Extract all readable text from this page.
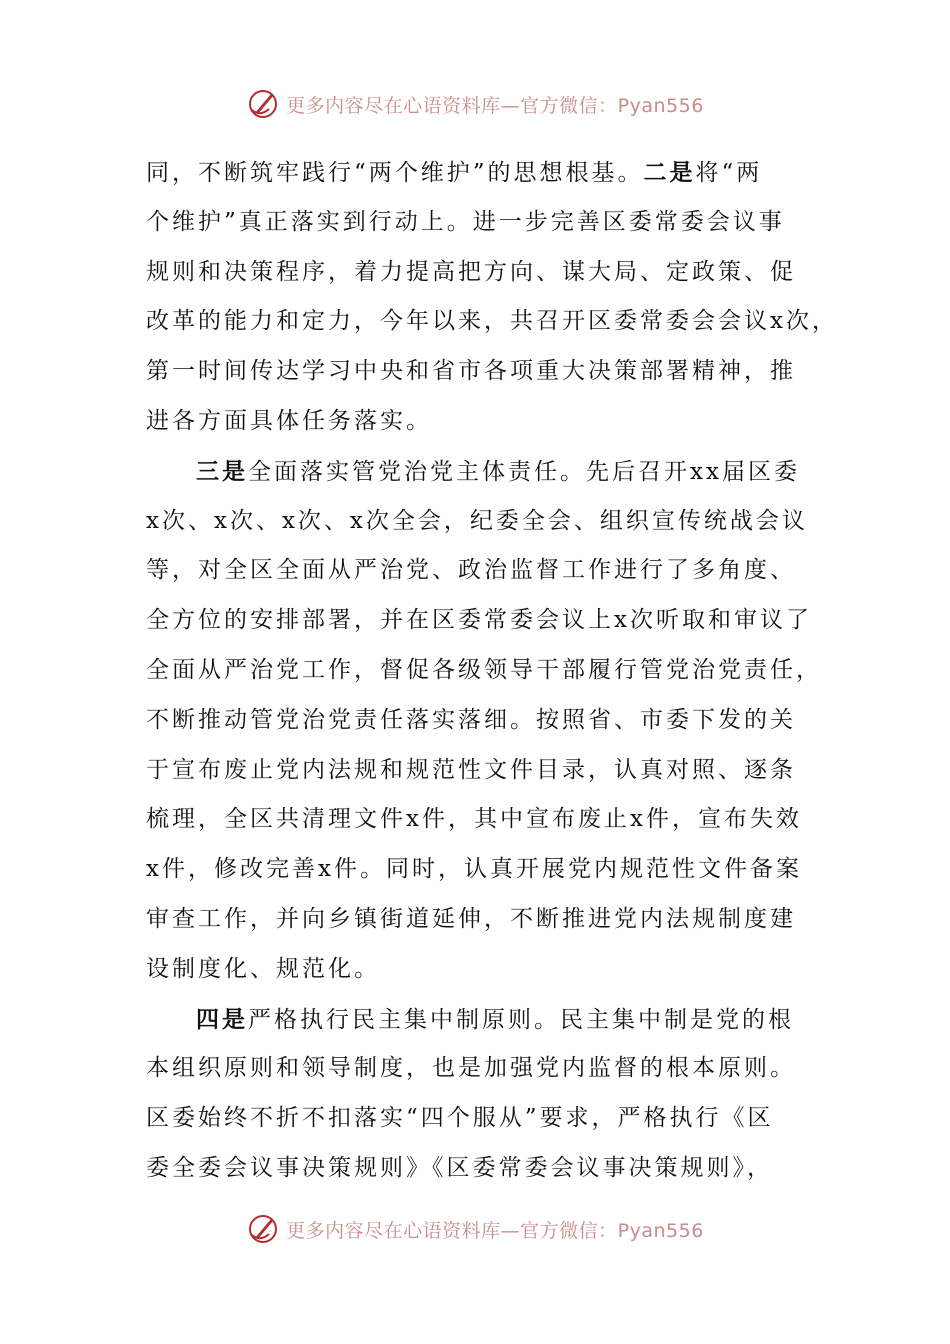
更多内容尽在心语资料库—官方微信：Pyan556
同，不断筑牢践行“两个维护”的思想根基。二是将“两
个维护”真正落实到行动上。进一步完善区委常委会议事
规则和决策程序，着力提高把方向、谋大局、定政策、促
改革的能力和定力，今年以来，共召开区委常委会会议x次，
第一时间传达学习中央和省市各项重大决策部署精神，推
进各方面具体任务落实。
三是全面落实管党治党主体责任。先后召开xx届区委
x次、x次、x次、x次全会，纪委全会、组织宣传统战会议
等，对全区全面从严治党、政治监督工作进行了多角度、
全方位的安排部署，并在区委常委会议上x次听取和审议了
全面从严治党工作，督促各级领导干部履行管党治党责任，
不断推动管党治党责任落实落细。按照省、市委下发的关
于宣布废止党内法规和规范性文件目录，认真对照、逐条
梳理，全区共清理文件x件，其中宣布废止x件，宣布失效
x件，修改完善x件。同时，认真开展党内规范性文件备案
审查工作，并向乡镇街道延伸，不断推进党内法规制度建
设制度化、规范化。
四是严格执行民主集中制原则。民主集中制是党的根
本组织原则和领导制度，也是加强党内监督的根本原则。
区委始终不折不扣落实“四个服从”要求，严格执行《区
委全委会议事决策规则》《区委常委会议事决策规则》，
更多内容尽在心语资料库—官方微信：Pyan556
